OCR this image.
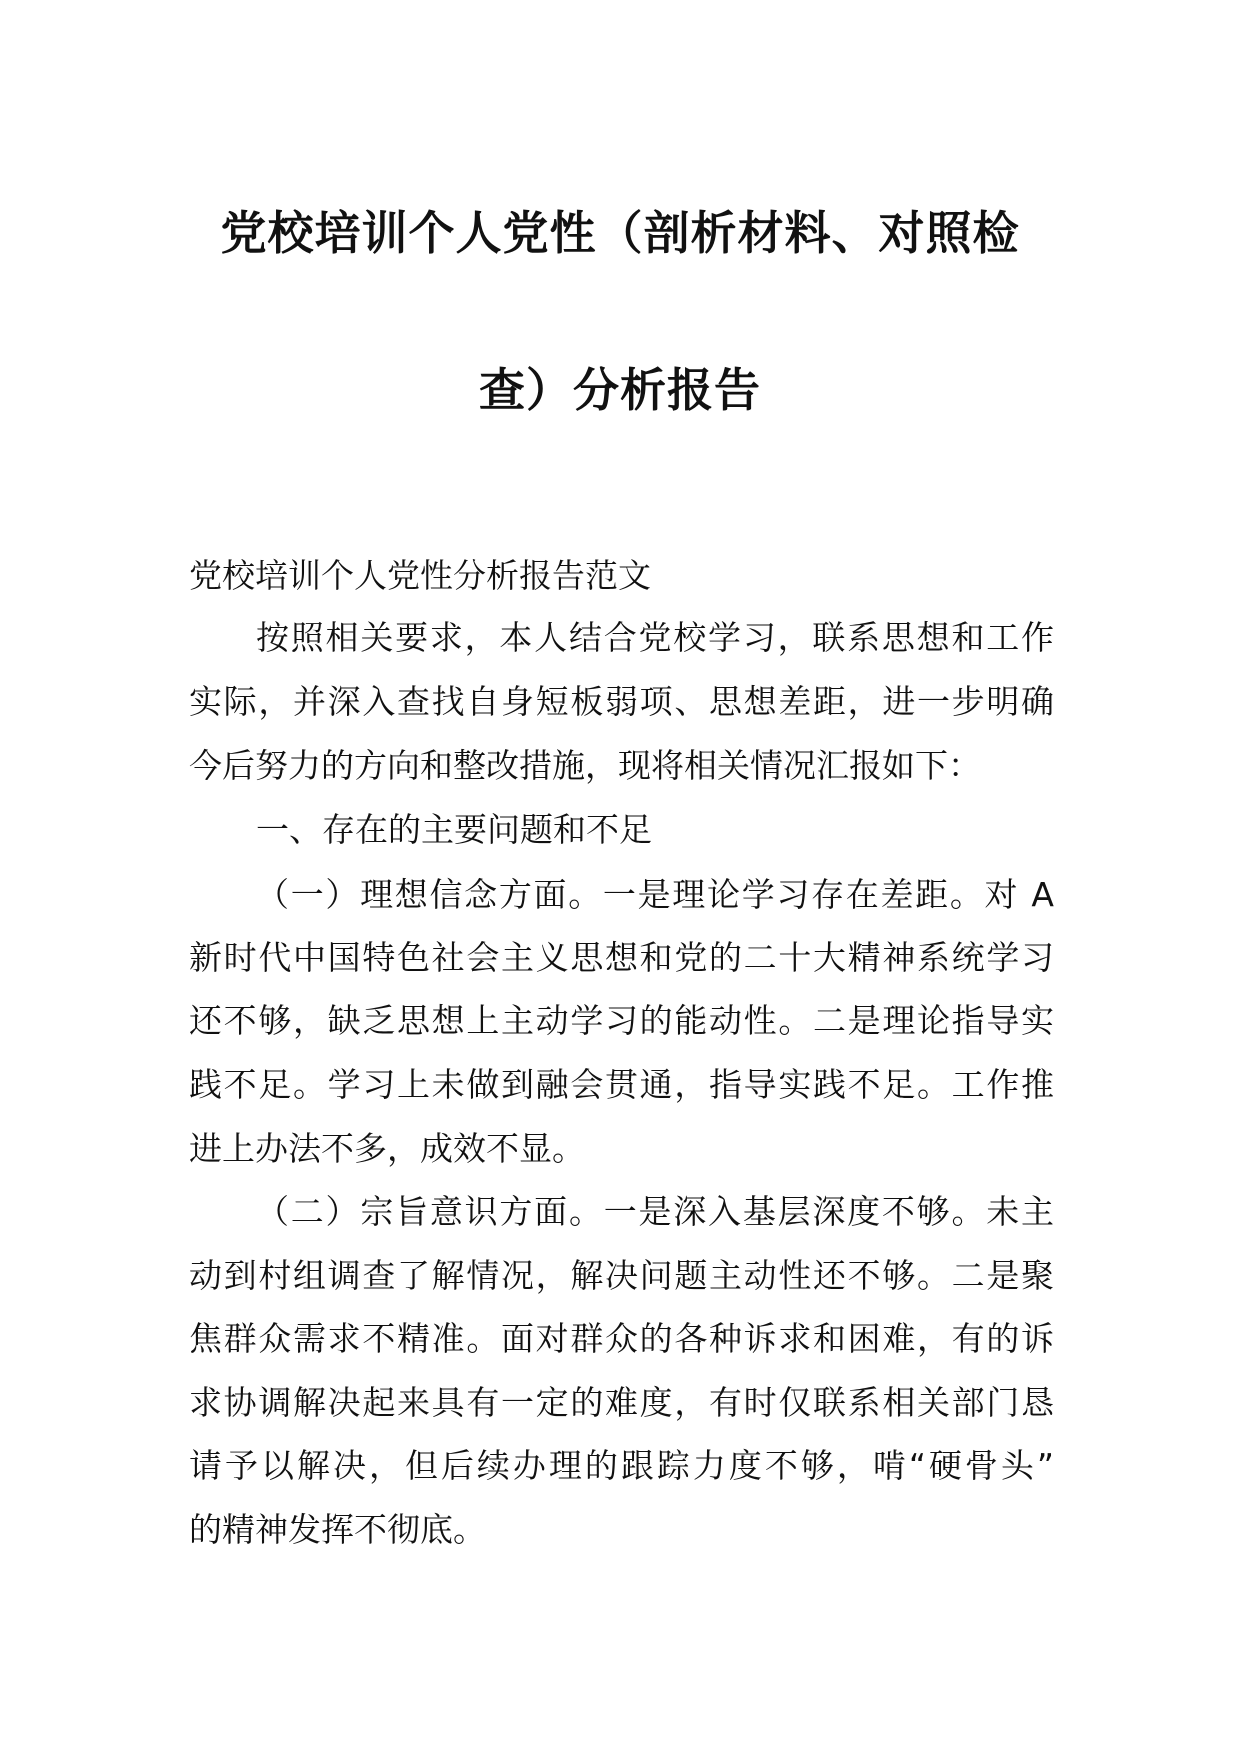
党校培训个人党性（剖析材料、对照检
查）分析报告
党校培训个人党性分析报告范文
按照相关要求，本人结合党校学习，联系思想和工作
实际，并深入查找自身短板弱项、思想差距，进一步明确
今后努力的方向和整改措施，现将相关情况汇报如下：
一、存在的主要问题和不足
（一）理想信念方面。一是理论学习存在差距。对 A
新时代中国特色社会主义思想和党的二十大精神系统学习
还不够，缺乏思想上主动学习的能动性。二是理论指导实
践不足。学习上未做到融会贯通，指导实践不足。工作推
进上办法不多，成效不显。
（二）宗旨意识方面。一是深入基层深度不够。未主
动到村组调查了解情况，解决问题主动性还不够。二是聚
焦群众需求不精准。面对群众的各种诉求和困难，有的诉
求协调解决起来具有一定的难度，有时仅联系相关部门恳
请予以解决，但后续办理的跟踪力度不够，啃“硬骨头”
的精神发挥不彻底。
